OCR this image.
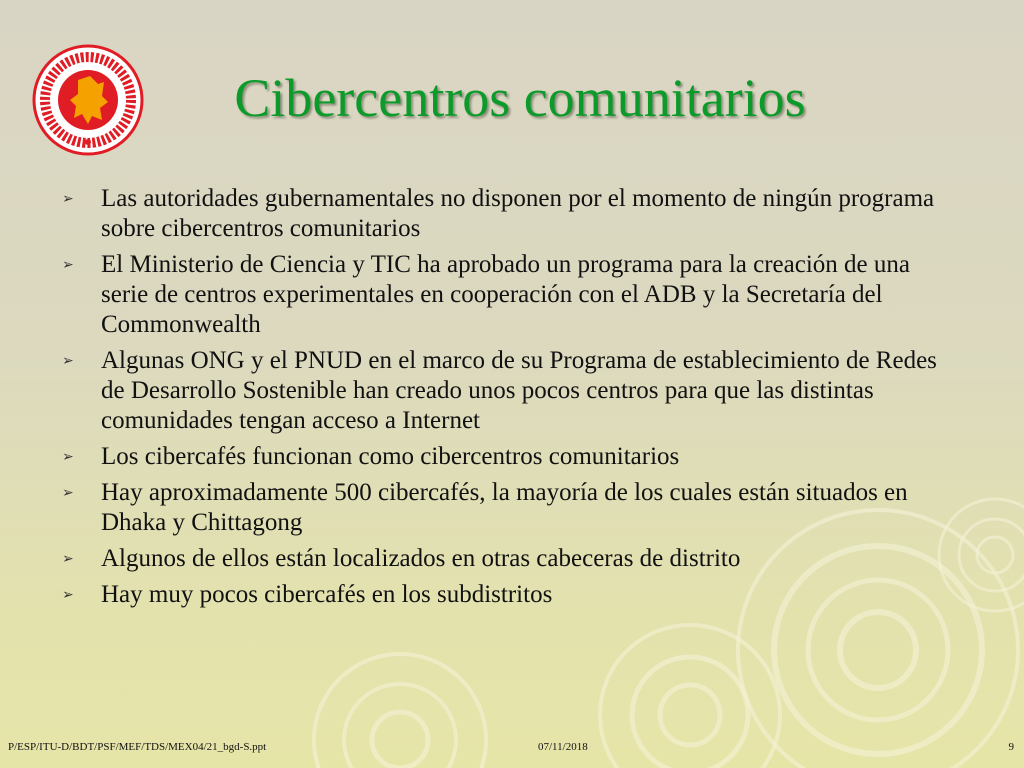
Cibercentros comunitarios
➢ Las autoridades gubernamentales no disponen por el momento de ningún programa sobre cibercentros comunitarios
➢ El Ministerio de Ciencia y TIC ha aprobado un programa para la creación de una serie de centros experimentales en cooperación con el ADB y la Secretaría del Commonwealth
➢ Algunas ONG y el PNUD en el marco de su Programa de establecimiento de Redes de Desarrollo Sostenible han creado unos pocos centros para que las distintas comunidades tengan acceso a Internet
➢ Los cibercafés funcionan como cibercentros comunitarios
➢ Hay aproximadamente 500 cibercafés, la mayoría de los cuales están situados en Dhaka y Chittagong
➢ Algunos de ellos están localizados en otras cabeceras de distrito
➢ Hay muy pocos cibercafés en los subdistritos
P/ESP/ITU-D/BDT/PSF/MEF/TDS/MEX04/21_bgd-S.ppt	07/11/2018	9
